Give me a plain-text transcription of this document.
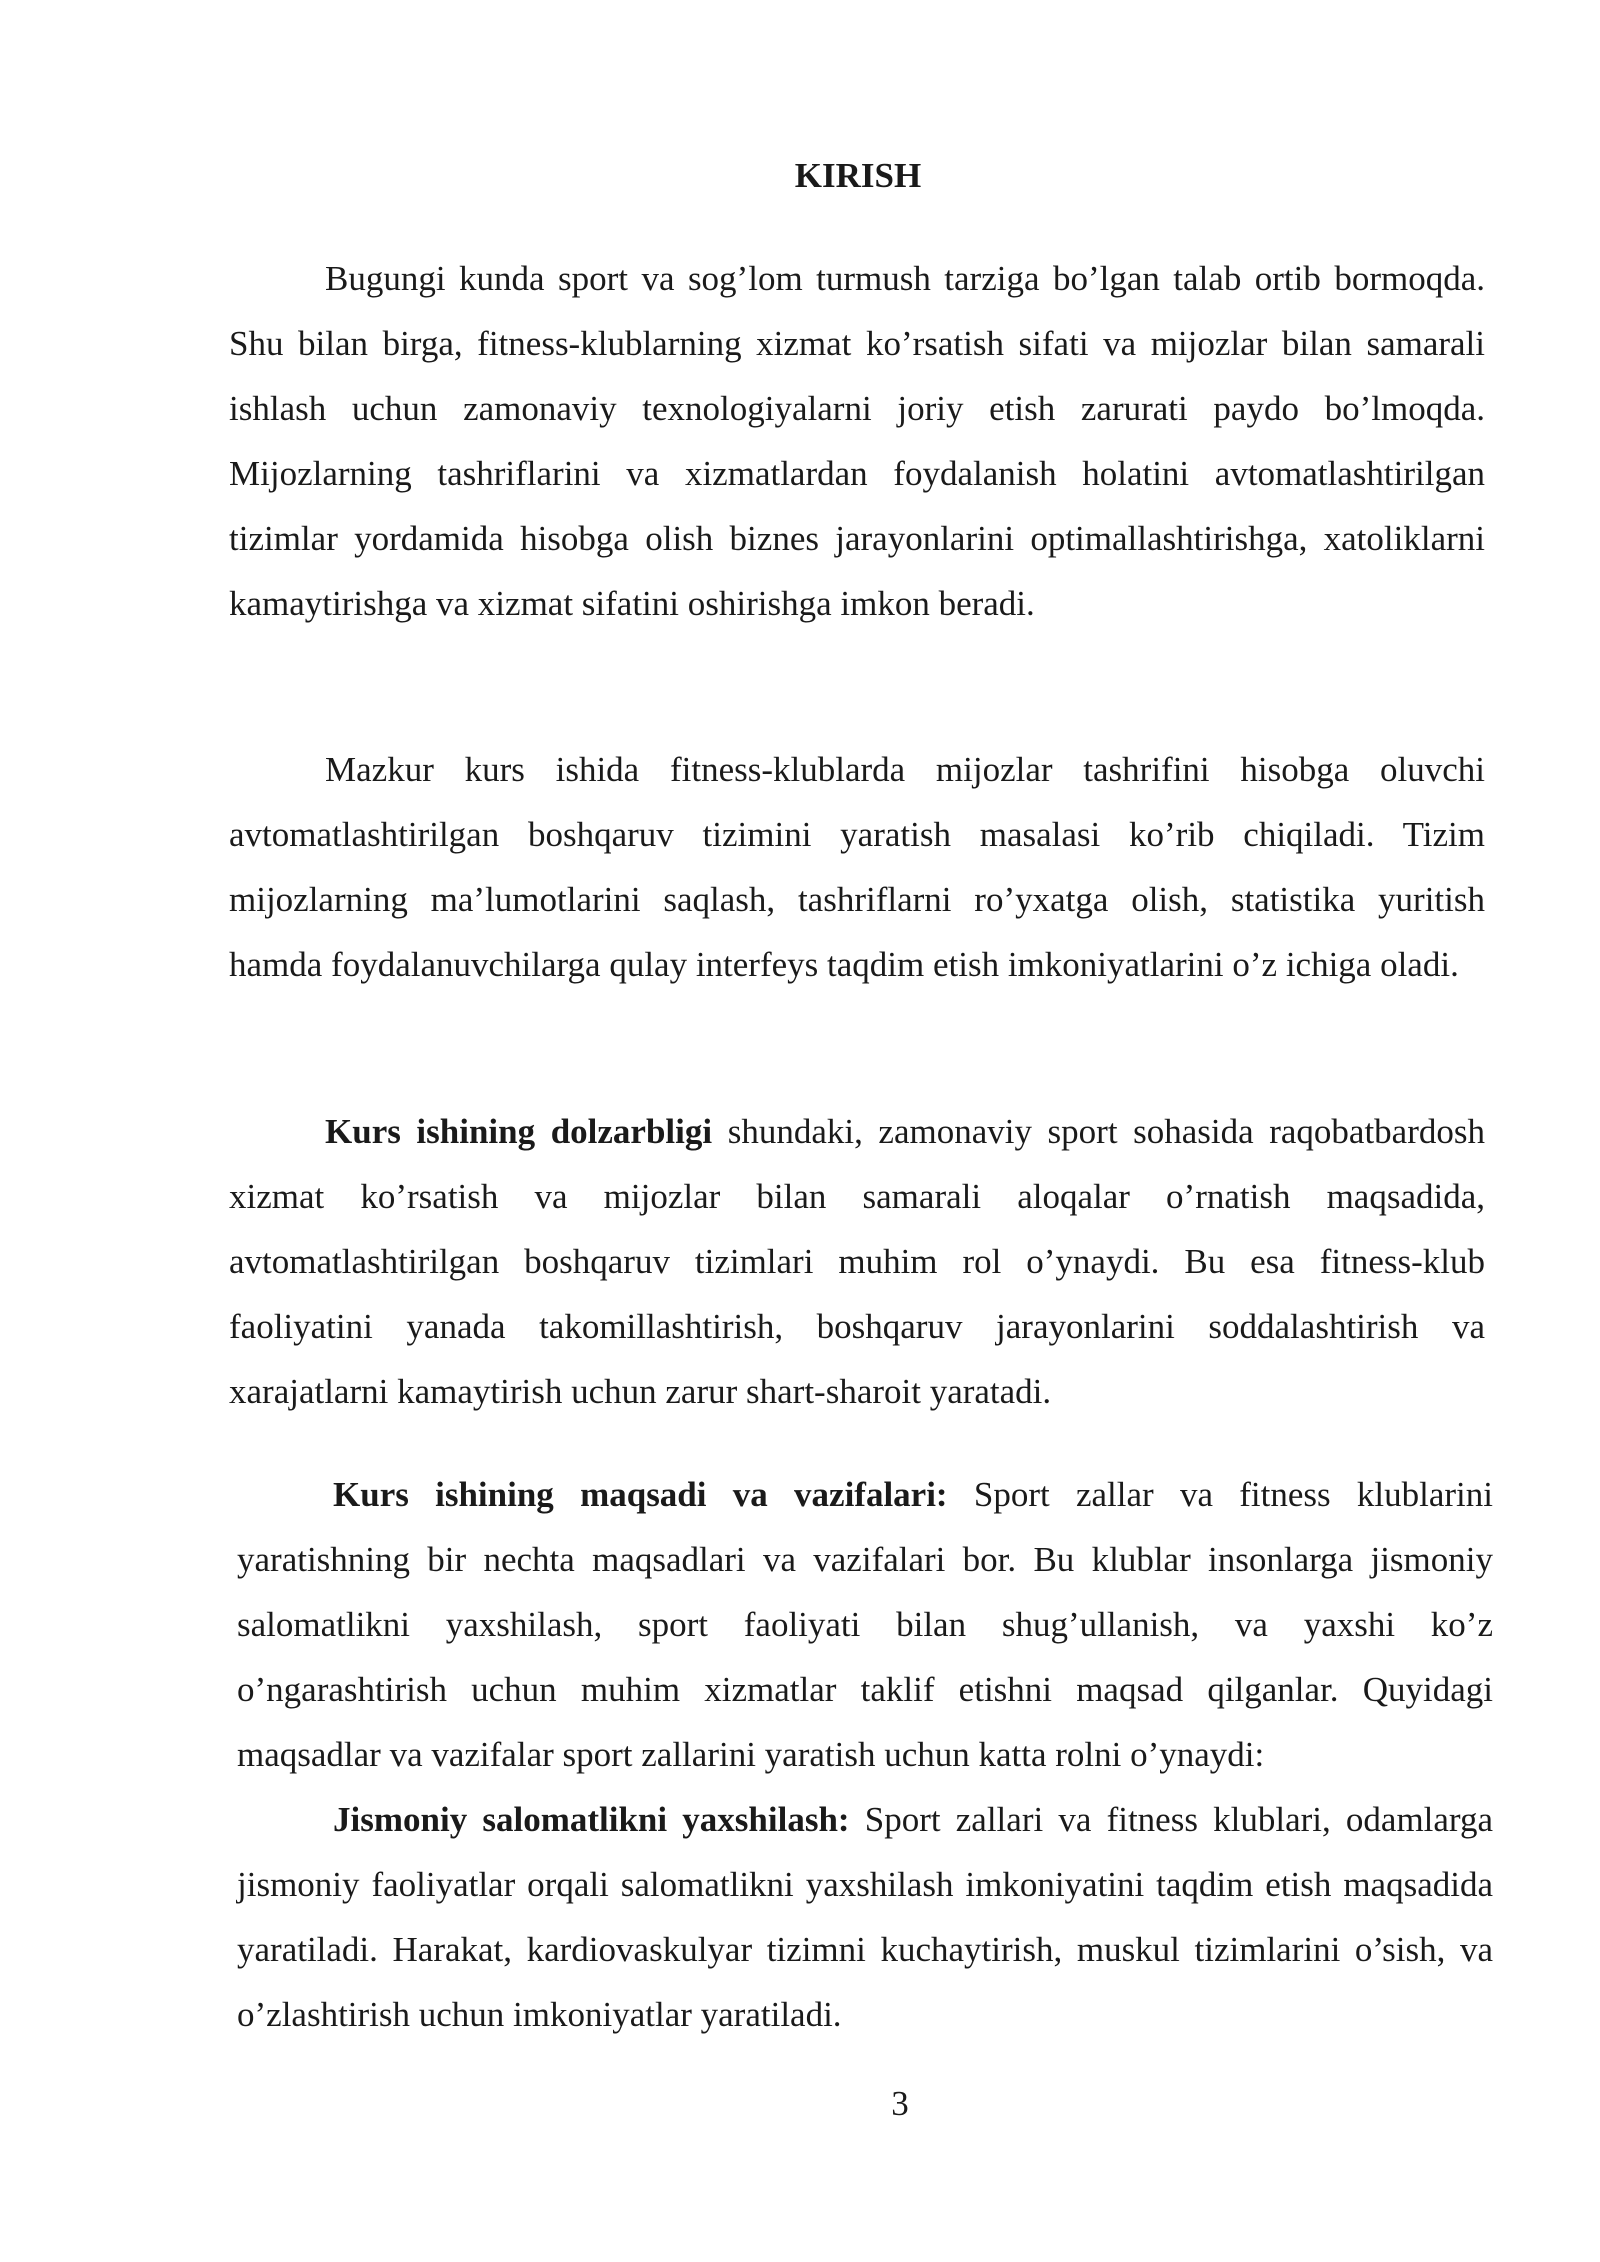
KIRISH

Bugungi kunda sport va sog’lom turmush tarziga bo’lgan talab ortib bormoqda. Shu bilan birga, fitness-klublarning xizmat ko’rsatish sifati va mijozlar bilan samarali ishlash uchun zamonaviy texnologiyalarni joriy etish zarurati paydo bo’lmoqda. Mijozlarning tashriflarini va xizmatlardan foydalanish holatini avtomatlashtirilgan tizimlar yordamida hisobga olish biznes jarayonlarini optimallashtirishga, xatoliklarni kamaytirishga va xizmat sifatini oshirishga imkon beradi.

Mazkur kurs ishida fitness-klublarda mijozlar tashrifini hisobga oluvchi avtomatlashtirilgan boshqaruv tizimini yaratish masalasi ko’rib chiqiladi. Tizim mijozlarning ma’lumotlarini saqlash, tashriflarni ro’yxatga olish, statistika yuritish hamda foydalanuvchilarga qulay interfeys taqdim etish imkoniyatlarini o’z ichiga oladi.

Kurs ishining dolzarbligi shundaki, zamonaviy sport sohasida raqobatbardosh xizmat ko’rsatish va mijozlar bilan samarali aloqalar o’rnatish maqsadida, avtomatlashtirilgan boshqaruv tizimlari muhim rol o’ynaydi. Bu esa fitness-klub faoliyatini yanada takomillashtirish, boshqaruv jarayonlarini soddalashtirish va xarajatlarni kamaytirish uchun zarur shart-sharoit yaratadi.

Kurs ishining maqsadi va vazifalari: Sport zallar va fitness klublarini yaratishning bir nechta maqsadlari va vazifalari bor. Bu klublar insonlarga jismoniy salomatlikni yaxshilash, sport faoliyati bilan shug’ullanish, va yaxshi ko’z o’ngarashtirish uchun muhim xizmatlar taklif etishni maqsad qilganlar. Quyidagi maqsadlar va vazifalar sport zallarini yaratish uchun katta rolni o’ynaydi:

Jismoniy salomatlikni yaxshilash: Sport zallari va fitness klublari, odamlarga jismoniy faoliyatlar orqali salomatlikni yaxshilash imkoniyatini taqdim etish maqsadida yaratiladi. Harakat, kardiovaskulyar tizimni kuchaytirish, muskul tizimlarini o’sish, va o’zlashtirish uchun imkoniyatlar yaratiladi.

3
